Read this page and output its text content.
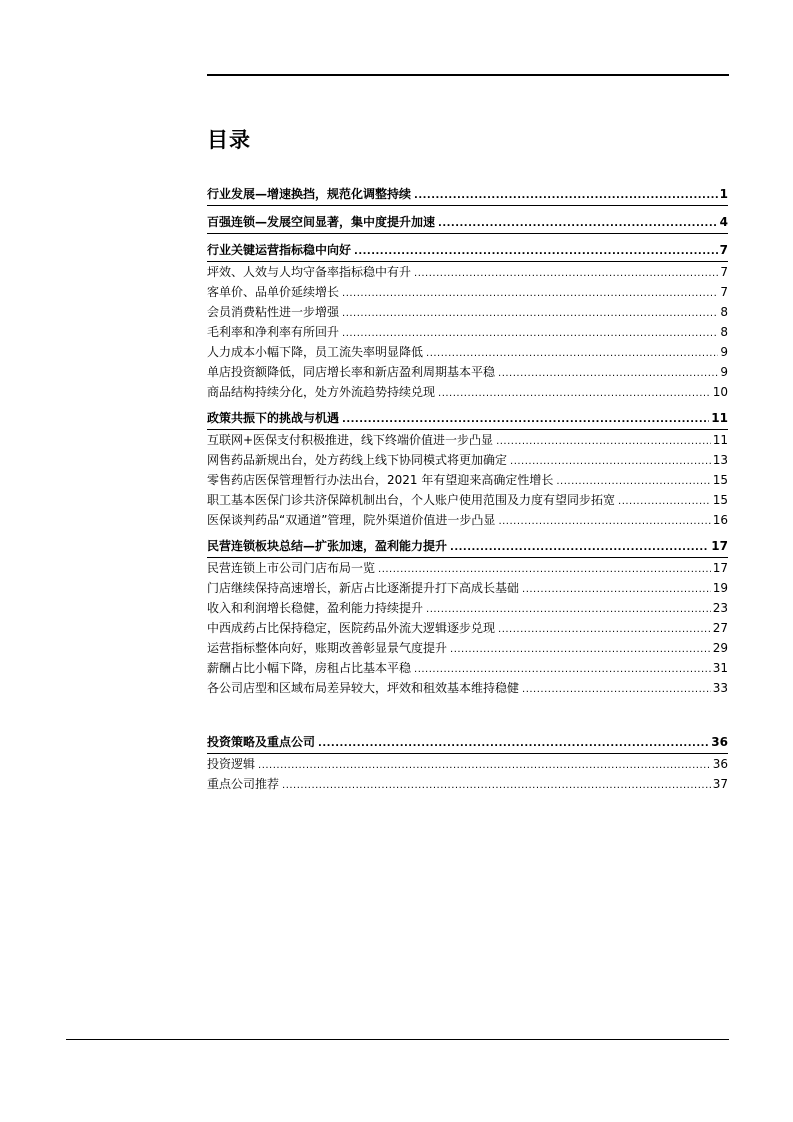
目录
行业发展—增速换挡，规范化调整持续 .....	1
百强连锁—发展空间显著，集中度提升加速 .....	4
行业关键运营指标稳中向好 .....	7
坪效、人效与人均守备率指标稳中有升 .....	7
客单价、品单价延续增长 .....	7
会员消费粘性进一步增强 .....	8
毛利率和净利率有所回升 .....	8
人力成本小幅下降，员工流失率明显降低 .....	9
单店投资额降低，同店增长率和新店盈利周期基本平稳 .....	9
商品结构持续分化，处方外流趋势持续兑现 .....	10
政策共振下的挑战与机遇 .....	11
互联网+医保支付积极推进，线下终端价值进一步凸显 .....	11
网售药品新规出台，处方药线上线下协同模式将更加确定 .....	13
零售药店医保管理暂行办法出台，2021 年有望迎来高确定性增长 .....	15
职工基本医保门诊共济保障机制出台，个人账户使用范围及力度有望同步拓宽 .....	15
医保谈判药品“双通道”管理，院外渠道价值进一步凸显 .....	16
民营连锁板块总结—扩张加速，盈利能力提升 .....	17
民营连锁上市公司门店布局一览 .....	17
门店继续保持高速增长，新店占比逐渐提升打下高成长基础 .....	19
收入和利润增长稳健，盈利能力持续提升 .....	23
中西成药占比保持稳定，医院药品外流大逻辑逐步兑现 .....	27
运营指标整体向好，账期改善彰显景气度提升 .....	29
薪酬占比小幅下降，房租占比基本平稳 .....	31
各公司店型和区域布局差异较大，坪效和租效基本维持稳健 .....	33
投资策略及重点公司 .....	36
投资逻辑 .....	36
重点公司推荐 .....	37
